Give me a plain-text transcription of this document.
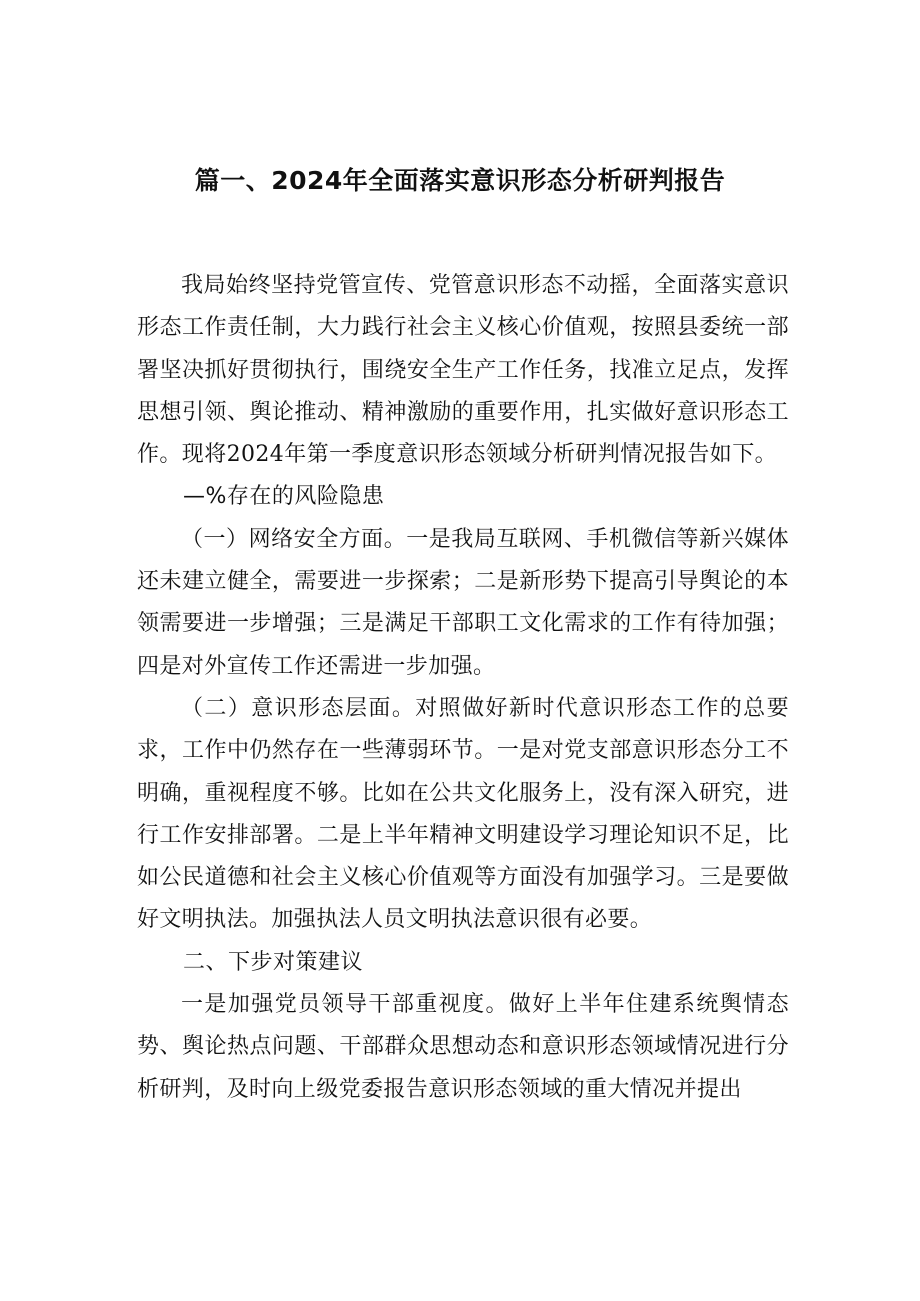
篇一、2024年全面落实意识形态分析研判报告

我局始终坚持党管宣传、党管意识形态不动摇，全面落实意识形态工作责任制，大力践行社会主义核心价值观，按照县委统一部署坚决抓好贯彻执行，围绕安全生产工作任务，找准立足点，发挥思想引领、舆论推动、精神激励的重要作用，扎实做好意识形态工作。现将2024年第一季度意识形态领域分析研判情况报告如下。

—%存在的风险隐患

（一）网络安全方面。一是我局互联网、手机微信等新兴媒体还未建立健全，需要进一步探索；二是新形势下提高引导舆论的本领需要进一步增强；三是满足干部职工文化需求的工作有待加强；四是对外宣传工作还需进一步加强。

（二）意识形态层面。对照做好新时代意识形态工作的总要求，工作中仍然存在一些薄弱环节。一是对党支部意识形态分工不明确，重视程度不够。比如在公共文化服务上，没有深入研究，进行工作安排部署。二是上半年精神文明建设学习理论知识不足，比如公民道德和社会主义核心价值观等方面没有加强学习。三是要做好文明执法。加强执法人员文明执法意识很有必要。

二、下步对策建议

一是加强党员领导干部重视度。做好上半年住建系统舆情态势、舆论热点问题、干部群众思想动态和意识形态领域情况进行分析研判，及时向上级党委报告意识形态领域的重大情况并提出
